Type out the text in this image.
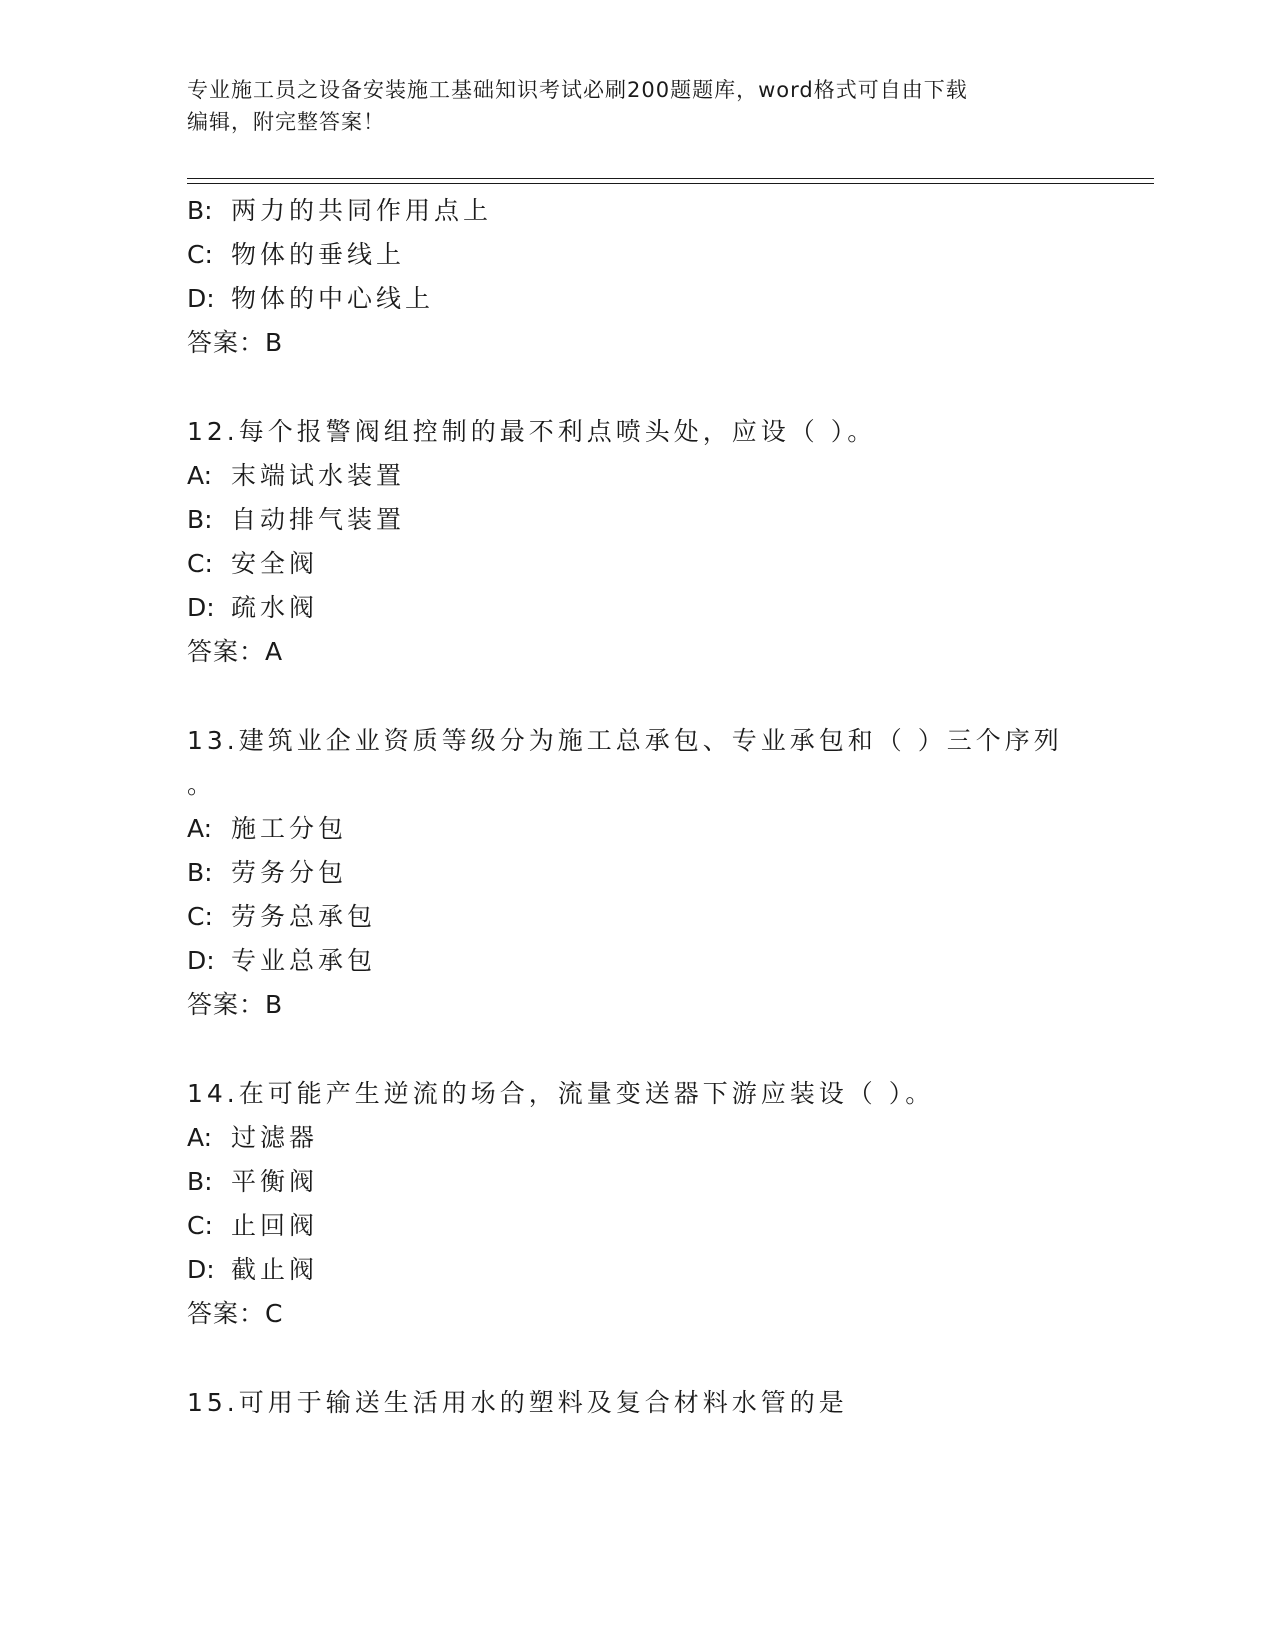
专业施工员之设备安装施工基础知识考试必刷200题题库，word格式可自由下载
编辑，附完整答案！
B: 两力的共同作用点上
C: 物体的垂线上
D: 物体的中心线上
答案：B
12.每个报警阀组控制的最不利点喷头处，应设（ ）。
A: 末端试水装置
B: 自动排气装置
C: 安全阀
D: 疏水阀
答案：A
13.建筑业企业资质等级分为施工总承包、专业承包和（ ）三个序列
。
A: 施工分包
B: 劳务分包
C: 劳务总承包
D: 专业总承包
答案：B
14.在可能产生逆流的场合，流量变送器下游应装设（ ）。
A: 过滤器
B: 平衡阀
C: 止回阀
D: 截止阀
答案：C
15.可用于输送生活用水的塑料及复合材料水管的是
